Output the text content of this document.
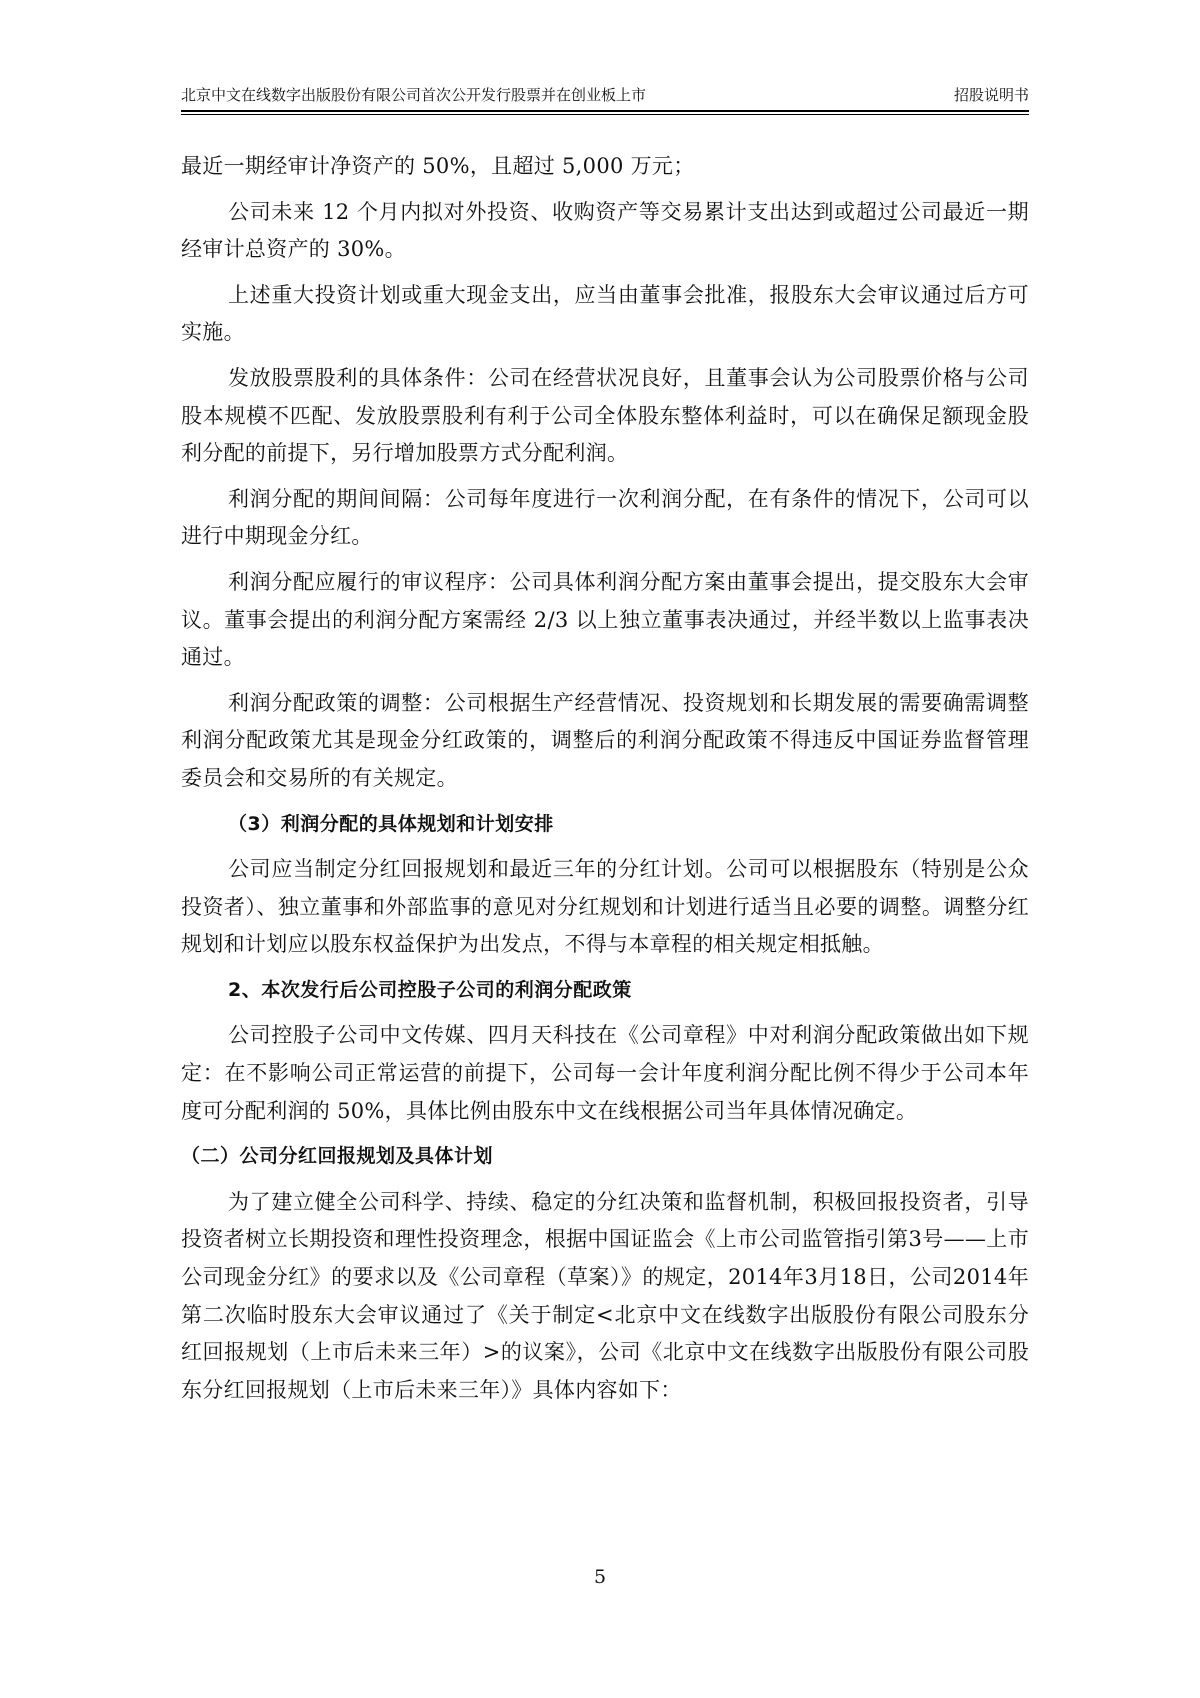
北京中文在线数字出版股份有限公司首次公开发行股票并在创业板上市	招股说明书

最近一期经审计净资产的 50%，且超过 5,000 万元；

公司未来 12 个月内拟对外投资、收购资产等交易累计支出达到或超过公司最近一期经审计总资产的 30%。

上述重大投资计划或重大现金支出，应当由董事会批准，报股东大会审议通过后方可实施。

发放股票股利的具体条件：公司在经营状况良好，且董事会认为公司股票价格与公司股本规模不匹配、发放股票股利有利于公司全体股东整体利益时，可以在确保足额现金股利分配的前提下，另行增加股票方式分配利润。

利润分配的期间间隔：公司每年度进行一次利润分配，在有条件的情况下，公司可以进行中期现金分红。

利润分配应履行的审议程序：公司具体利润分配方案由董事会提出，提交股东大会审议。董事会提出的利润分配方案需经 2/3 以上独立董事表决通过，并经半数以上监事表决通过。

利润分配政策的调整：公司根据生产经营情况、投资规划和长期发展的需要确需调整利润分配政策尤其是现金分红政策的，调整后的利润分配政策不得违反中国证券监督管理委员会和交易所的有关规定。

（3）利润分配的具体规划和计划安排

公司应当制定分红回报规划和最近三年的分红计划。公司可以根据股东（特别是公众投资者）、独立董事和外部监事的意见对分红规划和计划进行适当且必要的调整。调整分红规划和计划应以股东权益保护为出发点，不得与本章程的相关规定相抵触。

2、本次发行后公司控股子公司的利润分配政策

公司控股子公司中文传媒、四月天科技在《公司章程》中对利润分配政策做出如下规定：在不影响公司正常运营的前提下，公司每一会计年度利润分配比例不得少于公司本年度可分配利润的 50%，具体比例由股东中文在线根据公司当年具体情况确定。

（二）公司分红回报规划及具体计划

为了建立健全公司科学、持续、稳定的分红决策和监督机制，积极回报投资者，引导投资者树立长期投资和理性投资理念，根据中国证监会《上市公司监管指引第3号——上市公司现金分红》的要求以及《公司章程（草案）》的规定，2014年3月18日，公司2014年第二次临时股东大会审议通过了《关于制定<北京中文在线数字出版股份有限公司股东分红回报规划（上市后未来三年）>的议案》，公司《北京中文在线数字出版股份有限公司股东分红回报规划（上市后未来三年）》具体内容如下：

5
